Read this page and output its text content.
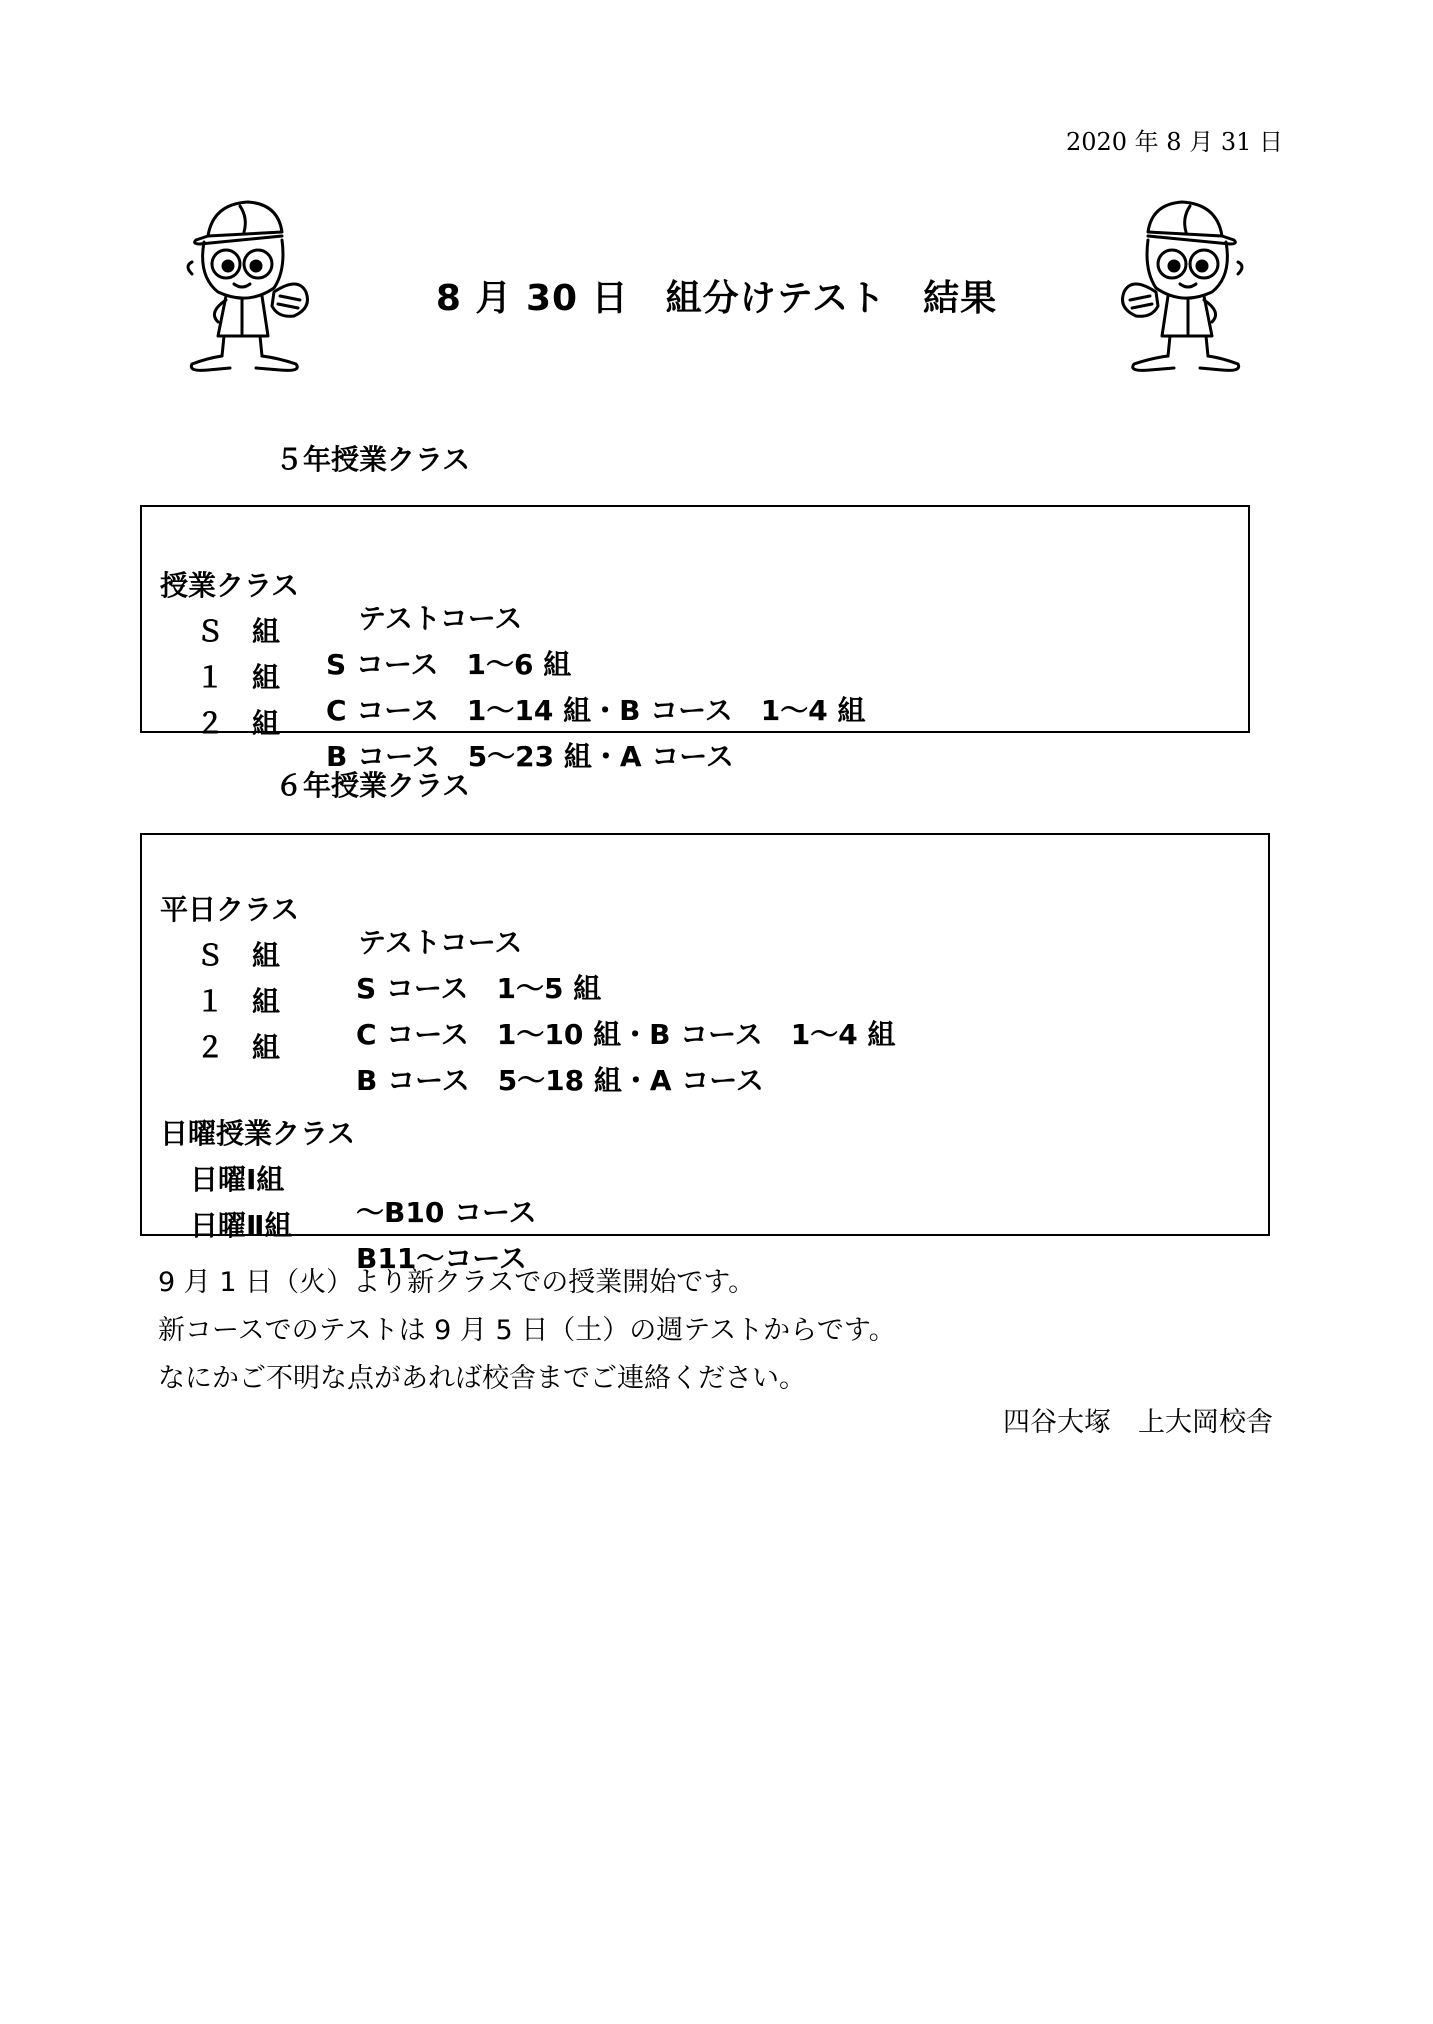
2020 年 8 月 31 日
8 月 30 日　組分けテスト　結果
５年授業クラス

授業クラス

テストコース

Ｓ　組

S コース　1～6 組

１　組

C コース　1～14 組・B コース　1～4 組

２　組

B コース　5～23 組・A コース

６年授業クラス

平日クラス

テストコース

Ｓ　組

S コース　1～5 組

１　組

C コース　1～10 組・B コース　1～4 組

２　組

B コース　5～18 組・A コース

日曜授業クラス

日曜Ⅰ組

～B10 コース

日曜Ⅱ組

B11～コース

9 月 1 日（火）より新クラスでの授業開始です。
新コースでのテストは 9 月 5 日（土）の週テストからです。
なにかご不明な点があれば校舎までご連絡ください。
四谷大塚　上大岡校舎
